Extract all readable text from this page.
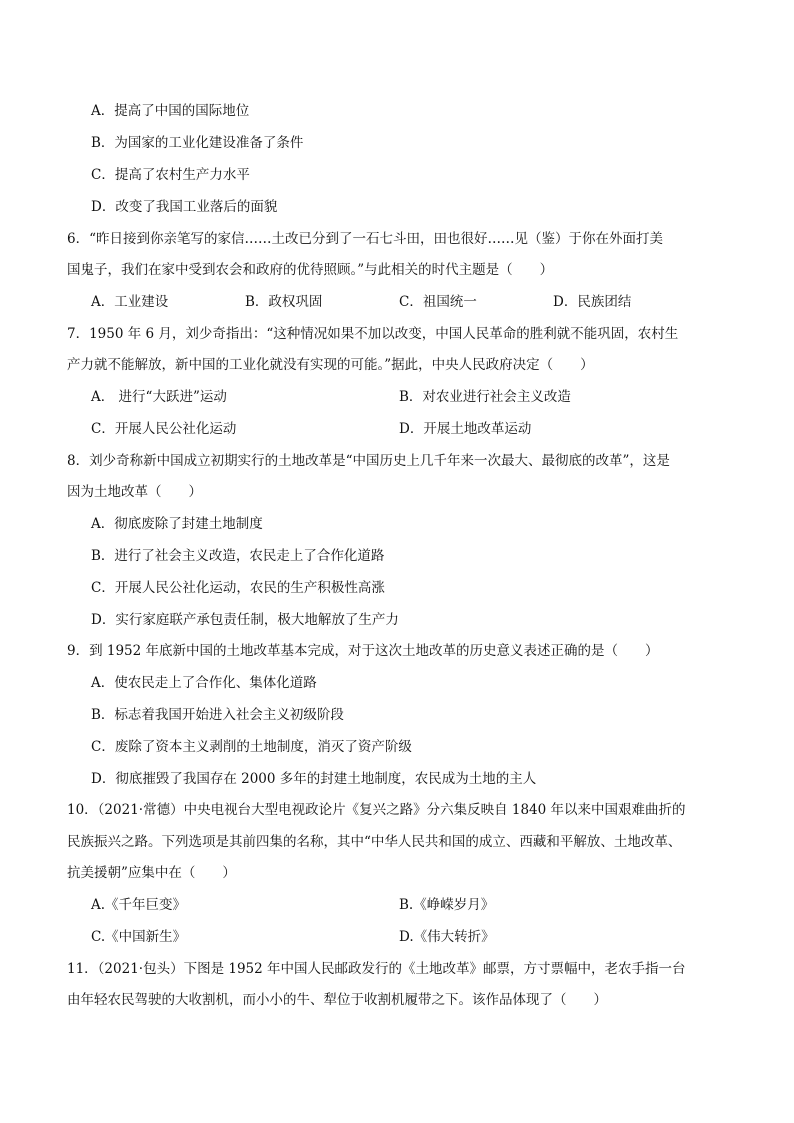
A．提高了中国的国际地位
B．为国家的工业化建设准备了条件
C．提高了农村生产力水平
D．改变了我国工业落后的面貌
6．“昨日接到你亲笔写的家信……土改已分到了一石七斗田，田也很好……见（鉴）于你在外面打美
国鬼子，我们在家中受到农会和政府的优待照顾。”与此相关的时代主题是（　　）
A．工业建设	B．政权巩固	C．祖国统一	D．民族团结
7．1950 年 6 月，刘少奇指出：“这种情况如果不加以改变，中国人民革命的胜利就不能巩固，农村生
产力就不能解放，新中国的工业化就没有实现的可能。”据此，中央人民政府决定（　　）
A． 进行“大跃进”运动	B．对农业进行社会主义改造
C．开展人民公社化运动	D．开展土地改革运动
8．刘少奇称新中国成立初期实行的土地改革是“中国历史上几千年来一次最大、最彻底的改革”，这是
因为土地改革（　　）
A．彻底废除了封建土地制度
B．进行了社会主义改造，农民走上了合作化道路
C．开展人民公社化运动，农民的生产积极性高涨
D．实行家庭联产承包责任制，极大地解放了生产力
9．到 1952 年底新中国的土地改革基本完成，对于这次土地改革的历史意义表述正确的是（　　）
A．使农民走上了合作化、集体化道路
B．标志着我国开始进入社会主义初级阶段
C．废除了资本主义剥削的土地制度，消灭了资产阶级
D．彻底摧毁了我国存在 2000 多年的封建土地制度，农民成为土地的主人
10．（2021·常德）中央电视台大型电视政论片《复兴之路》分六集反映自 1840 年以来中国艰难曲折的
民族振兴之路。下列选项是其前四集的名称，其中“中华人民共和国的成立、西藏和平解放、土地改革、
抗美援朝”应集中在（　　）
A.《千年巨变》	B.《峥嵘岁月》
C.《中国新生》	D.《伟大转折》
11．（2021·包头）下图是 1952 年中国人民邮政发行的《土地改革》邮票，方寸票幅中，老农手指一台
由年轻农民驾驶的大收割机，而小小的牛、犁位于收割机履带之下。该作品体现了（　　）
